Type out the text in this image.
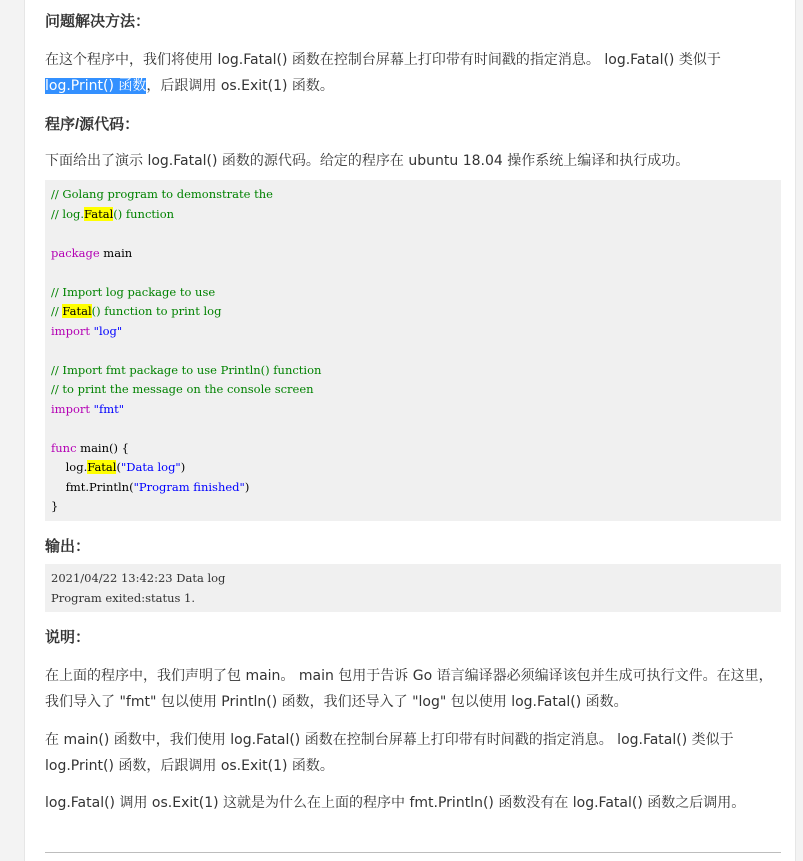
问题解决方法：

在这个程序中，我们将使用 log.Fatal() 函数在控制台屏幕上打印带有时间戳的指定消息。 log.Fatal() 类似于 log.Print() 函数，后跟调用 os.Exit(1) 函数。

程序/源代码：

下面给出了演示 log.Fatal() 函数的源代码。给定的程序在 ubuntu 18.04 操作系统上编译和执行成功。

// Golang program to demonstrate the
// log.Fatal() function
package main
// Import log package to use
// Fatal() function to print log
import "log"
// Import fmt package to use Println() function
// to print the message on the console screen
import "fmt"
func main() {
log.Fatal("Data log")
fmt.Println("Program finished")
}
输出：
2021/04/22 13:42:23 Data log
Program exited:status 1.
说明：

在上面的程序中，我们声明了包 main。 main 包用于告诉 Go 语言编译器必须编译该包并生成可执行文件。在这里，我们导入了 "fmt" 包以使用 Println() 函数，我们还导入了 "log" 包以使用 log.Fatal() 函数。

在 main() 函数中，我们使用 log.Fatal() 函数在控制台屏幕上打印带有时间戳的指定消息。 log.Fatal() 类似于 log.Print() 函数，后跟调用 os.Exit(1) 函数。

log.Fatal() 调用 os.Exit(1) 这就是为什么在上面的程序中 fmt.Println() 函数没有在 log.Fatal() 函数之后调用。
